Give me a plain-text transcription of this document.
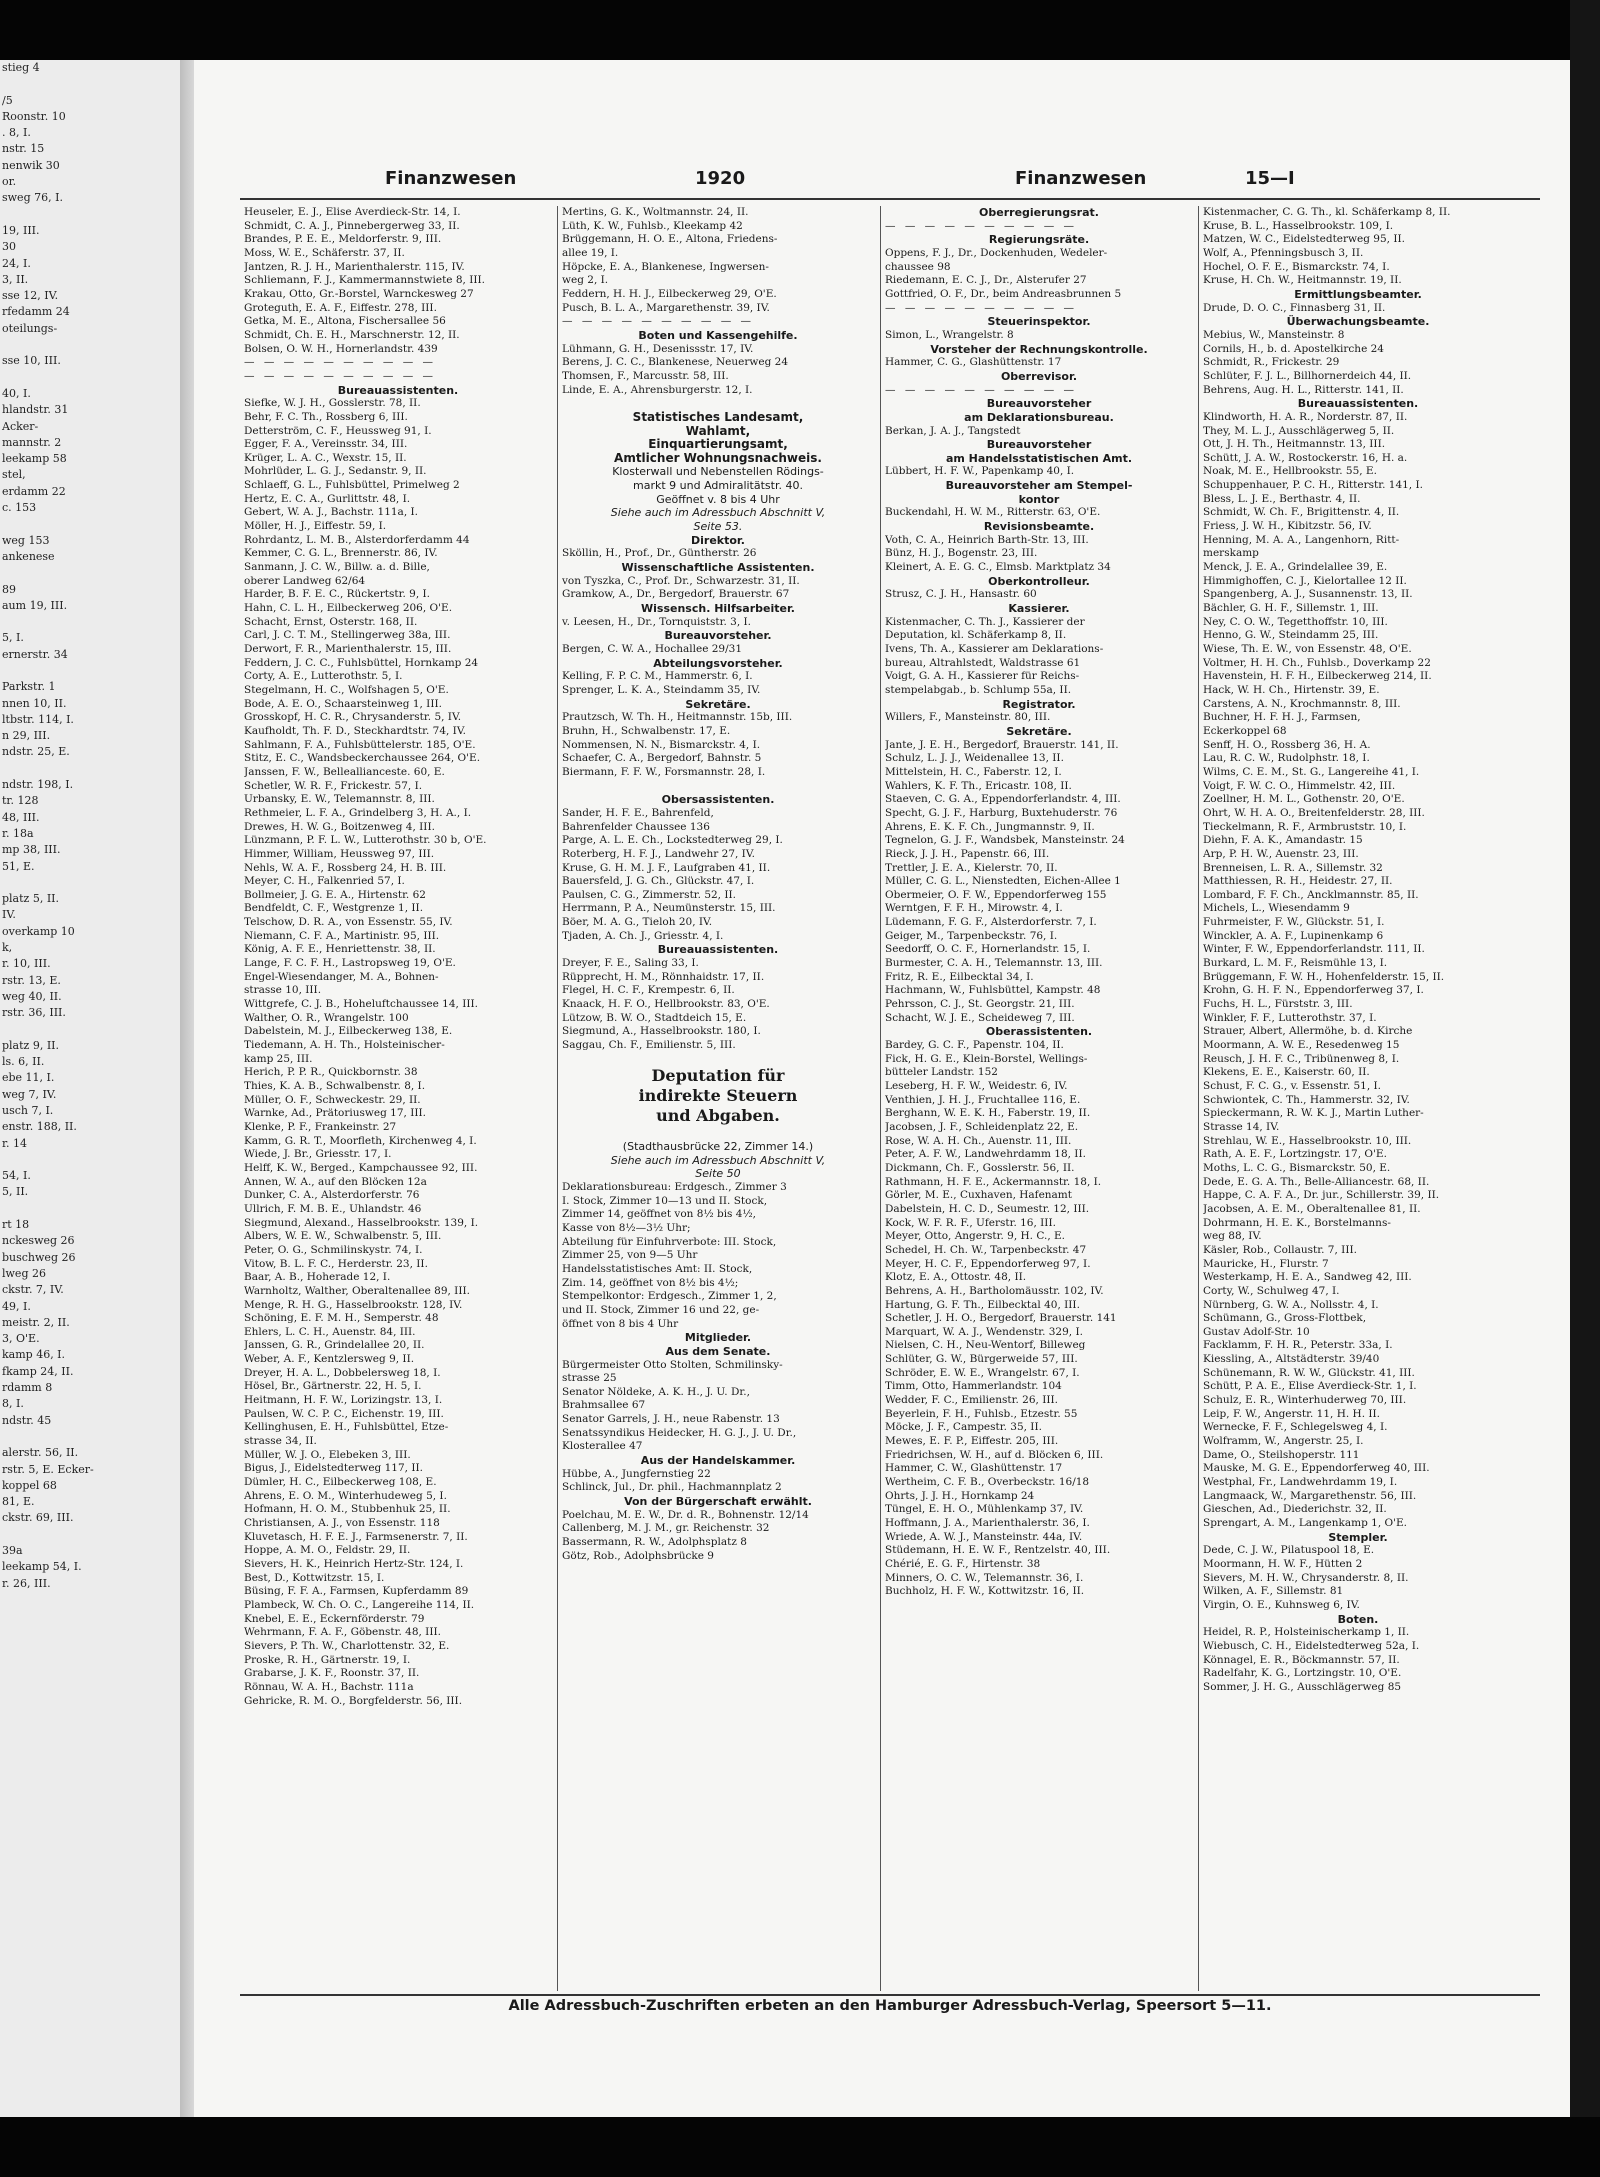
stieg 4

/5
Roonstr. 10
. 8, I.
nstr. 15
nenwik 30
or.
sweg 76, I.

19, III.
30
24, I.
3, II.
sse 12, IV.
rfedamm 24
oteilungs-

sse 10, III.

40, I.
hlandstr. 31
Acker-
mannstr. 2
leekamp 58
stel,
erdamm 22
c. 153

weg 153
ankenese

89
aum 19, III.

5, I.
ernerstr. 34

Parkstr. 1
nnen 10, II.
ltbstr. 114, I.
n 29, III.
ndstr. 25, E.

ndstr. 198, I.
tr. 128
48, III.
r. 18a
mp 38, III.
51, E.

platz 5, II.
IV.
overkamp 10
k,
r. 10, III.
rstr. 13, E.
weg 40, II.
rstr. 36, III.

platz 9, II.
ls. 6, II.
ebe 11, I.
weg 7, IV.
usch 7, I.
enstr. 188, II.
r. 14

54, I.
5, II.

rt 18
nckesweg 26
buschweg 26
lweg 26
ckstr. 7, IV.
49, I.
meistr. 2, II.
3, O'E.
kamp 46, I.
fkamp 24, II.
rdamm 8
8, I.
ndstr. 45

alerstr. 56, II.
rstr. 5, E. Ecker-
koppel 68
81, E.
ckstr. 69, III.

39a
leekamp 54, I.
r. 26, III.
Finanzwesen	1920	Finanzwesen	15—I
Heuseler, E. J., Elise Averdieck-Str. 14, I.
Schmidt, C. A. J., Pinnebergerweg 33, II.
Brandes, P. E. E., Meldorferstr. 9, III.
Moss, W. E., Schäferstr. 37, II.
Jantzen, R. J. H., Marienthalerstr. 115, IV.
Schliemann, F. J., Kammermannstwiete 8, III.
Krakau, Otto, Gr.-Borstel, Warnckesweg 27
Groteguth, E. A. F., Eiffestr. 278, III.
Getka, M. E., Altona, Fischersallee 56
Schmidt, Ch. E. H., Marschnerstr. 12, II.
Bolsen, O. W. H., Hornerlandstr. 439
— — — — — — — — — —
— — — — — — — — — —
Bureauassistenten.
Siefke, W. J. H., Gosslerstr. 78, II.
Behr, F. C. Th., Rossberg 6, III.
Detterström, C. F., Heussweg 91, I.
Egger, F. A., Vereinsstr. 34, III.
Krüger, L. A. C., Wexstr. 15, II.
Mohrlüder, L. G. J., Sedanstr. 9, II.
Schlaeff, G. L., Fuhlsbüttel, Primelweg 2
Hertz, E. C. A., Gurlittstr. 48, I.
Gebert, W. A. J., Bachstr. 111a, I.
Möller, H. J., Eiffestr. 59, I.
Rohrdantz, L. M. B., Alsterdorferdamm 44
Kemmer, C. G. L., Brennerstr. 86, IV.
Sanmann, J. C. W., Billw. a. d. Bille,
oberer Landweg 62/64
Harder, B. F. E. C., Rückertstr. 9, I.
Hahn, C. L. H., Eilbeckerweg 206, O'E.
Schacht, Ernst, Osterstr. 168, II.
Carl, J. C. T. M., Stellingerweg 38a, III.
Derwort, F. R., Marienthalerstr. 15, III.
Feddern, J. C. C., Fuhlsbüttel, Hornkamp 24
Corty, A. E., Lutterothstr. 5, I.
Stegelmann, H. C., Wolfshagen 5, O'E.
Bode, A. E. O., Schaarsteinweg 1, III.
Grosskopf, H. C. R., Chrysanderstr. 5, IV.
Kaufholdt, Th. F. D., Steckhardtstr. 74, IV.
Sahlmann, F. A., Fuhlsbüttelerstr. 185, O'E.
Stitz, E. C., Wandsbeckerchaussee 264, O'E.
Janssen, F. W., Belleallianceste. 60, E.
Schetler, W. R. F., Frickestr. 57, I.
Urbansky, E. W., Telemannstr. 8, III.
Rethmeier, L. F. A., Grindelberg 3, H. A., I.
Drewes, H. W. G., Boitzenweg 4, III.
Lünzmann, P. F. L. W., Lutterothstr. 30 b, O'E.
Himmer, William, Heussweg 97, III.
Nehls, W. A. F., Rossberg 24, H. B. III.
Meyer, C. H., Falkenried 57, I.
Bollmeier, J. G. E. A., Hirtenstr. 62
Bendfeldt, C. F., Westgrenze 1, II.
Telschow, D. R. A., von Essenstr. 55, IV.
Niemann, C. F. A., Martinistr. 95, III.
König, A. F. E., Henriettenstr. 38, II.
Lange, F. C. F. H., Lastropsweg 19, O'E.
Engel-Wiesendanger, M. A., Bohnen-
strasse 10, III.
Wittgrefe, C. J. B., Hoheluftchaussee 14, III.
Walther, O. R., Wrangelstr. 100
Dabelstein, M. J., Eilbeckerweg 138, E.
Tiedemann, A. H. Th., Holsteinischer-
kamp 25, III.
Herich, P. P. R., Quickbornstr. 38
Thies, K. A. B., Schwalbenstr. 8, I.
Müller, O. F., Schweckestr. 29, II.
Warnke, Ad., Prätoriusweg 17, III.
Klenke, P. F., Frankeinstr. 27
Kamm, G. R. T., Moorfleth, Kirchenweg 4, I.
Wiede, J. Br., Griesstr. 17, I.
Helff, K. W., Berged., Kampchaussee 92, III.
Annen, W. A., auf den Blöcken 12a
Dunker, C. A., Alsterdorferstr. 76
Ullrich, F. M. B. E., Uhlandstr. 46
Siegmund, Alexand., Hasselbrookstr. 139, I.
Albers, W. E. W., Schwalbenstr. 5, III.
Peter, O. G., Schmilinskystr. 74, I.
Vitow, B. L. F. C., Herderstr. 23, II.
Baar, A. B., Hoherade 12, I.
Warnholtz, Walther, Oberaltenallee 89, III.
Menge, R. H. G., Hasselbrookstr. 128, IV.
Schöning, E. F. M. H., Semperstr. 48
Ehlers, L. C. H., Auenstr. 84, III.
Janssen, G. R., Grindelallee 20, II.
Weber, A. F., Kentzlersweg 9, II.
Dreyer, H. A. L., Dobbelersweg 18, I.
Hösel, Br., Gärtnerstr. 22, H. 5, I.
Heitmann, H. F. W., Lorizingstr. 13, I.
Paulsen, W. C. P. C., Eichenstr. 19, III.
Kellinghusen, E. H., Fuhlsbüttel, Etze-
strasse 34, II.
Müller, W. J. O., Elebeken 3, III.
Bigus, J., Eidelstedterweg 117, II.
Dümler, H. C., Eilbeckerweg 108, E.
Ahrens, E. O. M., Winterhudeweg 5, I.
Hofmann, H. O. M., Stubbenhuk 25, II.
Christiansen, A. J., von Essenstr. 118
Kluvetasch, H. F. E. J., Farmsenerstr. 7, II.
Hoppe, A. M. O., Feldstr. 29, II.
Sievers, H. K., Heinrich Hertz-Str. 124, I.
Best, D., Kottwitzstr. 15, I.
Büsing, F. F. A., Farmsen, Kupferdamm 89
Plambeck, W. Ch. O. C., Langereihe 114, II.
Knebel, E. E., Eckernförderstr. 79
Wehrmann, F. A. F., Göbenstr. 48, III.
Sievers, P. Th. W., Charlottenstr. 32, E.
Proske, R. H., Gärtnerstr. 19, I.
Grabarse, J. K. F., Roonstr. 37, II.
Rönnau, W. A. H., Bachstr. 111a
Gehricke, R. M. O., Borgfelderstr. 56, III.
Mertins, G. K., Woltmannstr. 24, II.
Lüth, K. W., Fuhlsb., Kleekamp 42
Brüggemann, H. O. E., Altona, Friedens-
allee 19, I.
Höpcke, E. A., Blankenese, Ingwersen-
weg 2, I.
Feddern, H. H. J., Eilbeckerweg 29, O'E.
Pusch, B. L. A., Margarethenstr. 39, IV.
— — — — — — — — — —
Boten und Kassengehilfe.
Lühmann, G. H., Desenissstr. 17, IV.
Berens, J. C. C., Blankenese, Neuerweg 24
Thomsen, F., Marcusstr. 58, III.
Linde, E. A., Ahrensburgerstr. 12, I.

Statistisches Landesamt,
Wahlamt,
Einquartierungsamt,
Amtlicher Wohnungsnachweis.
Klosterwall und Nebenstellen Rödings-
markt 9 und Admiralitätstr. 40.
Geöffnet v. 8 bis 4 Uhr
Siehe auch im Adressbuch Abschnitt V,
Seite 53.
Direktor.
Sköllin, H., Prof., Dr., Güntherstr. 26
Wissenschaftliche Assistenten.
von Tyszka, C., Prof. Dr., Schwarzestr. 31, II.
Gramkow, A., Dr., Bergedorf, Brauerstr. 67
Wissensch. Hilfsarbeiter.
v. Leesen, H., Dr., Tornquiststr. 3, I.
Bureauvorsteher.
Bergen, C. W. A., Hochallee 29/31
Abteilungsvorsteher.
Kelling, F. P. C. M., Hammerstr. 6, I.
Sprenger, L. K. A., Steindamm 35, IV.
Sekretäre.
Prautzsch, W. Th. H., Heitmannstr. 15b, III.
Bruhn, H., Schwalbenstr. 17, E.
Nommensen, N. N., Bismarckstr. 4, I.
Schaefer, C. A., Bergedorf, Bahnstr. 5
Biermann, F. F. W., Forsmannstr. 28, I.

Obersassistenten.
Sander, H. F. E., Bahrenfeld,
Bahrenfelder Chaussee 136
Parge, A. L. E. Ch., Lockstedterweg 29, I.
Roterberg, H. F. J., Landwehr 27, IV.
Kruse, G. H. M. J. F., Laufgraben 41, II.
Bauersfeld, J. G. Ch., Glückstr. 47, I.
Paulsen, C. G., Zimmerstr. 52, II.
Herrmann, P. A., Neumünsterstr. 15, III.
Böer, M. A. G., Tieloh 20, IV.
Tjaden, A. Ch. J., Griesstr. 4, I.
Bureauassistenten.
Dreyer, F. E., Saling 33, I.
Rüpprecht, H. M., Rönnhaidstr. 17, II.
Flegel, H. C. F., Krempestr. 6, II.
Knaack, H. F. O., Hellbrookstr. 83, O'E.
Lützow, B. W. O., Stadtdeich 15, E.
Siegmund, A., Hasselbrookstr. 180, I.
Saggau, Ch. F., Emilienstr. 5, III.

Deputation für
indirekte Steuern
und Abgaben.

(Stadthausbrücke 22, Zimmer 14.)
Siehe auch im Adressbuch Abschnitt V,
Seite 50
Deklarationsbureau: Erdgesch., Zimmer 3
I. Stock, Zimmer 10—13 und II. Stock,
Zimmer 14, geöffnet von 8½ bis 4½,
Kasse von 8½—3½ Uhr;
Abteilung für Einfuhrverbote: III. Stock,
Zimmer 25, von 9—5 Uhr
Handelsstatistisches Amt: II. Stock,
Zim. 14, geöffnet von 8½ bis 4½;
Stempelkontor: Erdgesch., Zimmer 1, 2,
und II. Stock, Zimmer 16 und 22, ge-
öffnet von 8 bis 4 Uhr
Mitglieder.
Aus dem Senate.
Bürgermeister Otto Stolten, Schmilinsky-
strasse 25
Senator Nöldeke, A. K. H., J. U. Dr.,
Brahmsallee 67
Senator Garrels, J. H., neue Rabenstr. 13
Senatssyndikus Heidecker, H. G. J., J. U. Dr.,
Klosterallee 47
Aus der Handelskammer.
Hübbe, A., Jungfernstieg 22
Schlinck, Jul., Dr. phil., Hachmannplatz 2
Von der Bürgerschaft erwählt.
Poelchau, M. E. W., Dr. d. R., Bohnenstr. 12/14
Callenberg, M. J. M., gr. Reichenstr. 32
Bassermann, R. W., Adolphsplatz 8
Götz, Rob., Adolphsbrücke 9
Oberregierungsrat.
— — — — — — — — — —
Regierungsräte.
Oppens, F. J., Dr., Dockenhuden, Wedeler-
chaussee 98
Riedemann, E. C. J., Dr., Alsterufer 27
Gottfried, O. F., Dr., beim Andreasbrunnen 5
— — — — — — — — — —
Steuerinspektor.
Simon, L., Wrangelstr. 8
Vorsteher der Rechnungskontrolle.
Hammer, C. G., Glashüttenstr. 17
Oberrevisor.
— — — — — — — — — —
Bureauvorsteher
am Deklarationsbureau.
Berkan, J. A. J., Tangstedt
Bureauvorsteher
am Handelsstatistischen Amt.
Lübbert, H. F. W., Papenkamp 40, I.
Bureauvorsteher am Stempel-
kontor
Buckendahl, H. W. M., Ritterstr. 63, O'E.
Revisionsbeamte.
Voth, C. A., Heinrich Barth-Str. 13, III.
Bünz, H. J., Bogenstr. 23, III.
Kleinert, A. E. G. C., Elmsb. Marktplatz 34
Oberkontrolleur.
Strusz, C. J. H., Hansastr. 60
Kassierer.
Kistenmacher, C. Th. J., Kassierer der
Deputation, kl. Schäferkamp 8, II.
Ivens, Th. A., Kassierer am Deklarations-
bureau, Altrahlstedt, Waldstrasse 61
Voigt, G. A. H., Kassierer für Reichs-
stempelabgab., b. Schlump 55a, II.
Registrator.
Willers, F., Mansteinstr. 80, III.
Sekretäre.
Jante, J. E. H., Bergedorf, Brauerstr. 141, II.
Schulz, L. J. J., Weidenallee 13, II.
Mittelstein, H. C., Faberstr. 12, I.
Wahlers, K. F. Th., Ericastr. 108, II.
Staeven, C. G. A., Eppendorferlandstr. 4, III.
Specht, G. J. F., Harburg, Buxtehuderstr. 76
Ahrens, E. K. F. Ch., Jungmannstr. 9, II.
Tegnelon, G. J. F., Wandsbek, Mansteinstr. 24
Rieck, J. J. H., Papenstr. 66, III.
Trettler, J. E. A., Kielerstr. 70, II.
Müller, C. G. L., Nienstedten, Eichen-Allee 1
Obermeier, O. F. W., Eppendorferweg 155
Werntgen, F. F. H., Mirowstr. 4, I.
Lüdemann, F. G. F., Alsterdorferstr. 7, I.
Geiger, M., Tarpenbeckstr. 76, I.
Seedorff, O. C. F., Hornerlandstr. 15, I.
Burmester, C. A. H., Telemannstr. 13, III.
Fritz, R. E., Eilbecktal 34, I.
Hachmann, W., Fuhlsbüttel, Kampstr. 48
Pehrsson, C. J., St. Georgstr. 21, III.
Schacht, W. J. E., Scheideweg 7, III.
Oberassistenten.
Bardey, G. C. F., Papenstr. 104, II.
Fick, H. G. E., Klein-Borstel, Wellings-
bütteler Landstr. 152
Leseberg, H. F. W., Weidestr. 6, IV.
Venthien, J. H. J., Fruchtallee 116, E.
Berghann, W. E. K. H., Faberstr. 19, II.
Jacobsen, J. F., Schleidenplatz 22, E.
Rose, W. A. H. Ch., Auenstr. 11, III.
Peter, A. F. W., Landwehrdamm 18, II.
Dickmann, Ch. F., Gosslerstr. 56, II.
Rathmann, H. F. E., Ackermannstr. 18, I.
Görler, M. E., Cuxhaven, Hafenamt
Dabelstein, H. C. D., Seumestr. 12, III.
Kock, W. F. R. F., Uferstr. 16, III.
Meyer, Otto, Angerstr. 9, H. C., E.
Schedel, H. Ch. W., Tarpenbeckstr. 47
Meyer, H. C. F., Eppendorferweg 97, I.
Klotz, E. A., Ottostr. 48, II.
Behrens, A. H., Bartholomäusstr. 102, IV.
Hartung, G. F. Th., Eilbecktal 40, III.
Schetler, J. H. O., Bergedorf, Brauerstr. 141
Marquart, W. A. J., Wendenstr. 329, I.
Nielsen, C. H., Neu-Wentorf, Billeweg
Schlüter, G. W., Bürgerweide 57, III.
Schröder, E. W. E., Wrangelstr. 67, I.
Timm, Otto, Hammerlandstr. 104
Wedder, F. C., Emilienstr. 26, III.
Beyerlein, F. H., Fuhlsb., Etzestr. 55
Möcke, J. F., Campestr. 35, II.
Mewes, E. F. P., Eiffestr. 205, III.
Friedrichsen, W. H., auf d. Blöcken 6, III.
Hammer, C. W., Glashüttenstr. 17
Wertheim, C. F. B., Overbeckstr. 16/18
Ohrts, J. J. H., Hornkamp 24
Tüngel, E. H. O., Mühlenkamp 37, IV.
Hoffmann, J. A., Marienthalerstr. 36, I.
Wriede, A. W. J., Mansteinstr. 44a, IV.
Stüdemann, H. E. W. F., Rentzelstr. 40, III.
Chérié, E. G. F., Hirtenstr. 38
Minners, O. C. W., Telemannstr. 36, I.
Buchholz, H. F. W., Kottwitzstr. 16, II.
Kistenmacher, C. G. Th., kl. Schäferkamp 8, II.
Kruse, B. L., Hasselbrookstr. 109, I.
Matzen, W. C., Eidelstedterweg 95, II.
Wolf, A., Pfenningsbusch 3, II.
Hochel, O. F. E., Bismarckstr. 74, I.
Kruse, H. Ch. W., Heitmannstr. 19, II.
Ermittlungsbeamter.
Drude, D. O. C., Finnasberg 31, II.
Überwachungsbeamte.
Mebius, W., Mansteinstr. 8
Cornils, H., b. d. Apostelkirche 24
Schmidt, R., Frickestr. 29
Schlüter, F. J. L., Billhornerdeich 44, II.
Behrens, Aug. H. L., Ritterstr. 141, II.
Bureauassistenten.
Klindworth, H. A. R., Norderstr. 87, II.
They, M. L. J., Ausschlägerweg 5, II.
Ott, J. H. Th., Heitmannstr. 13, III.
Schütt, J. A. W., Rostockerstr. 16, H. a.
Noak, M. E., Hellbrookstr. 55, E.
Schuppenhauer, P. C. H., Ritterstr. 141, I.
Bless, L. J. E., Berthastr. 4, II.
Schmidt, W. Ch. F., Brigittenstr. 4, II.
Friess, J. W. H., Kibitzstr. 56, IV.
Henning, M. A. A., Langenhorn, Ritt-
merskamp
Menck, J. E. A., Grindelallee 39, E.
Himmighoffen, C. J., Kielortallee 12 II.
Spangenberg, A. J., Susannenstr. 13, II.
Bächler, G. H. F., Sillemstr. 1, III.
Ney, C. O. W., Tegetthoffstr. 10, III.
Henno, G. W., Steindamm 25, III.
Wiese, Th. E. W., von Essenstr. 48, O'E.
Voltmer, H. H. Ch., Fuhlsb., Doverkamp 22
Havenstein, H. F. H., Eilbeckerweg 214, II.
Hack, W. H. Ch., Hirtenstr. 39, E.
Carstens, A. N., Krochmannstr. 8, III.
Buchner, H. F. H. J., Farmsen,
Eckerkoppel 68
Senff, H. O., Rossberg 36, H. A.
Lau, R. C. W., Rudolphstr. 18, I.
Wilms, C. E. M., St. G., Langereihe 41, I.
Voigt, F. W. C. O., Himmelstr. 42, III.
Zoellner, H. M. L., Gothenstr. 20, O'E.
Ohrt, W. H. A. O., Breitenfelderstr. 28, III.
Tieckelmann, R. F., Armbruststr. 10, I.
Diehn, F. A. K., Amandastr. 15
Arp, P. H. W., Auenstr. 23, III.
Brenneisen, L. R. A., Sillemstr. 32
Matthiessen, R. H., Heidestr. 27, II.
Lombard, F. F. Ch., Ancklmannstr. 85, II.
Michels, L., Wiesendamm 9
Fuhrmeister, F. W., Glückstr. 51, I.
Winckler, A. A. F., Lupinenkamp 6
Winter, F. W., Eppendorferlandstr. 111, II.
Burkard, L. M. F., Reismühle 13, I.
Brüggemann, F. W. H., Hohenfelderstr. 15, II.
Krohn, G. H. F. N., Eppendorferweg 37, I.
Fuchs, H. L., Fürststr. 3, III.
Winkler, F. F., Lutterothstr. 37, I.
Strauer, Albert, Allermöhe, b. d. Kirche
Moormann, A. W. E., Resedenweg 15
Reusch, J. H. F. C., Tribünenweg 8, I.
Klekens, E. E., Kaiserstr. 60, II.
Schust, F. C. G., v. Essenstr. 51, I.
Schwiontek, C. Th., Hammerstr. 32, IV.
Spieckermann, R. W. K. J., Martin Luther-
Strasse 14, IV.
Strehlau, W. E., Hasselbrookstr. 10, III.
Rath, A. E. F., Lortzingstr. 17, O'E.
Moths, L. C. G., Bismarckstr. 50, E.
Dede, E. G. A. Th., Belle-Alliancestr. 68, II.
Happe, C. A. F. A., Dr. jur., Schillerstr. 39, II.
Jacobsen, A. E. M., Oberaltenallee 81, II.
Dohrmann, H. E. K., Borstelmanns-
weg 88, IV.
Käsler, Rob., Collaustr. 7, III.
Mauricke, H., Flurstr. 7
Westerkamp, H. E. A., Sandweg 42, III.
Corty, W., Schulweg 47, I.
Nürnberg, G. W. A., Nollsstr. 4, I.
Schümann, G., Gross-Flottbek,
Gustav Adolf-Str. 10
Facklamm, F. H. R., Peterstr. 33a, I.
Kiessling, A., Altstädterstr. 39/40
Schünemann, R. W. W., Glückstr. 41, III.
Schütt, P. A. E., Elise Averdieck-Str. 1, I.
Schulz, E. R., Winterhuderweg 70, III.
Leip, F. W., Angerstr. 11, H. H. II.
Wernecke, F. F., Schlegelsweg 4, I.
Wolframm, W., Angerstr. 25, I.
Dame, O., Steilshoperstr. 111
Mauske, M. G. E., Eppendorferweg 40, III.
Westphal, Fr., Landwehrdamm 19, I.
Langmaack, W., Margarethenstr. 56, III.
Gieschen, Ad., Diederichstr. 32, II.
Sprengart, A. M., Langenkamp 1, O'E.
Stempler.
Dede, C. J. W., Pilatuspool 18, E.
Moormann, H. W. F., Hütten 2
Sievers, M. H. W., Chrysanderstr. 8, II.
Wilken, A. F., Sillemstr. 81
Virgin, O. E., Kuhnsweg 6, IV.
Boten.
Heidel, R. P., Holsteinischerkamp 1, II.
Wiebusch, C. H., Eidelstedterweg 52a, I.
Könnagel, E. R., Böckmannstr. 57, II.
Radelfahr, K. G., Lortzingstr. 10, O'E.
Sommer, J. H. G., Ausschlägerweg 85
Alle Adressbuch-Zuschriften erbeten an den Hamburger Adressbuch-Verlag, Speersort 5—11.
